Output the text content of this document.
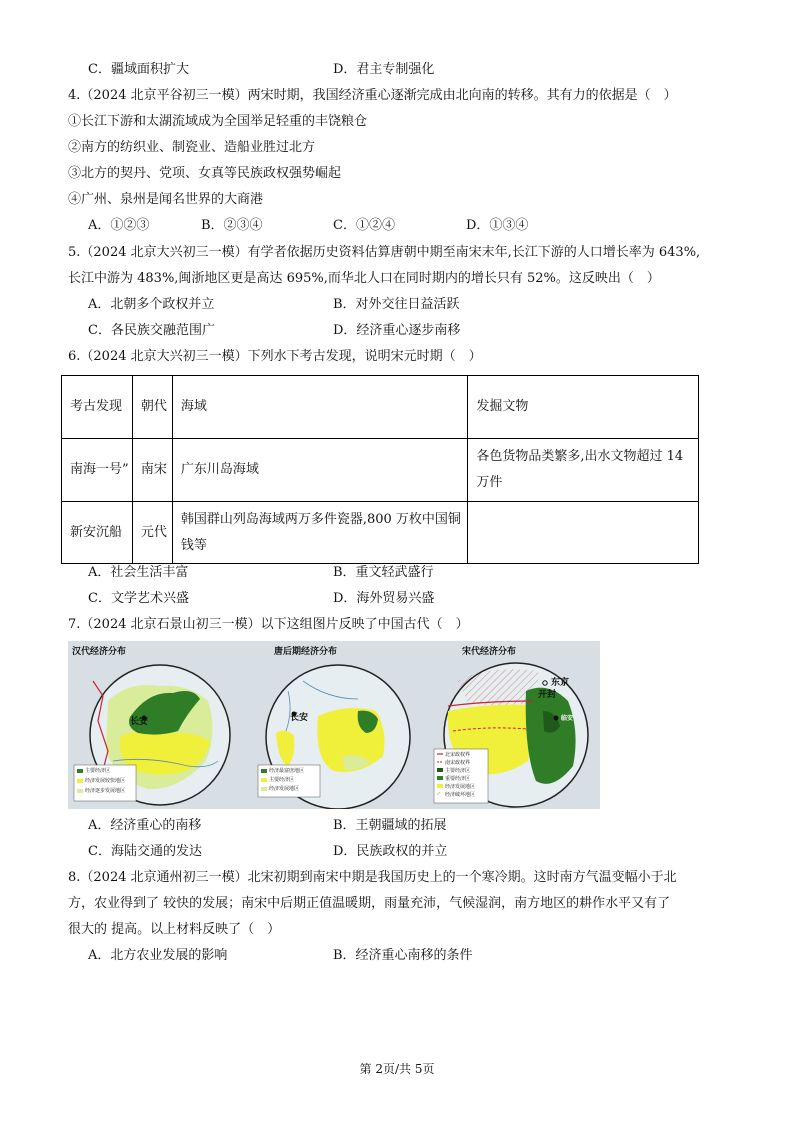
C．疆域面积扩大	D．君主专制强化
4.（2024 北京平谷初三一模）两宋时期，我国经济重心逐渐完成由北向南的转移。其有力的依据是（　）
①长江下游和太湖流域成为全国举足轻重的丰饶粮仓
②南方的纺织业、制瓷业、造船业胜过北方
③北方的契丹、党项、女真等民族政权强势崛起
④广州、泉州是闻名世界的大商港
A．①②③	B．②③④	C．①②④	D．①③④
5.（2024 北京大兴初三一模）有学者依据历史资料估算唐朝中期至南宋末年,长江下游的人口增长率为 643%,
长江中游为 483%,闽浙地区更是高达 695%,而华北人口在同时期内的增长只有 52%。这反映出（　）
A．北朝多个政权并立	B．对外交往日益活跃
C．各民族交融范围广	D．经济重心逐步南移
6.（2024 北京大兴初三一模）下列水下考古发现，说明宋元时期（　）
考古发现	朝代	海域	发掘文物
南海一号”	南宋	广东川岛海域	各色货物品类繁多,出水文物超过 14 万件
新安沉船	元代	韩国群山列岛海域两万多件瓷器,800 万枚中国铜钱等	
A．社会生活丰富	B．重文轻武盛行
C．文学艺术兴盛	D．海外贸易兴盛
7.（2024 北京石景山初三一模）以下这组图片反映了中国古代（　）
汉代经济分布
长安
主要经济区
经济发展较快地区
经济逐步发展地区
唐后期经济分布
长安
经济最富庶地区
主要经济区
经济发展地区
宋代经济分布
东京
开封
临安
北宋政权界
南宋政权界
主要经济区
重要经济区
经济发展地区
经济破坏地区
A．经济重心的南移	B．王朝疆域的拓展
C．海陆交通的发达	D．民族政权的并立
8.（2024 北京通州初三一模）北宋初期到南宋中期是我国历史上的一个寒冷期。这时南方气温变幅小于北
方，农业得到了 较快的发展；南宋中后期正值温暖期，雨量充沛，气候湿润，南方地区的耕作水平又有了
很大的 提高。以上材料反映了（　）
A．北方农业发展的影响	B．经济重心南移的条件
第 2页/共 5页
